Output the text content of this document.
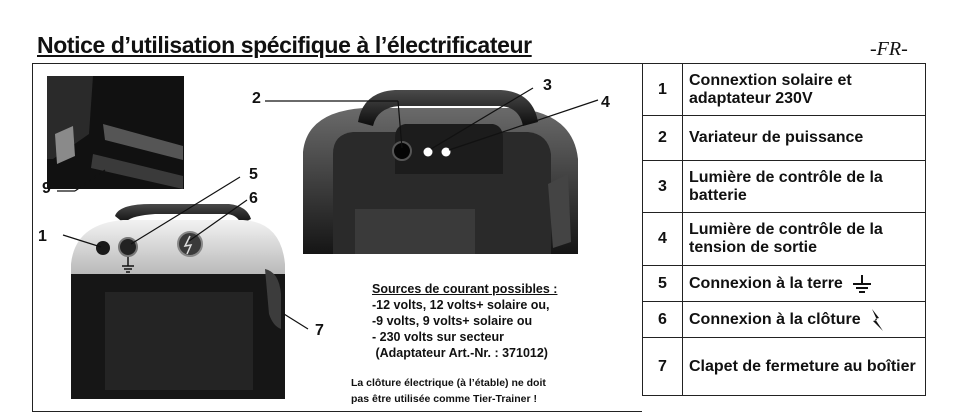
Notice d’utilisation spécifique à l’électrificateur	-FR-
2
3
4
9
5
6
1
7
Sources de courant possibles :
-12 volts, 12 volts+ solaire ou,
-9 volts, 9 volts+ solaire ou
- 230 volts sur secteur
(Adaptateur Art.-Nr. : 371012)
La clôture électrique (à l’étable) ne doit
pas être utilisée comme Tier-Trainer !
1	Connextion solaire et adaptateur 230V
2	Variateur de puissance
3	Lumière de contrôle de la batterie
4	Lumière de contrôle de la tension de sortie
5	Connexion à la terre
6	Connexion à la clôture
7	Clapet de fermeture au boîtier
